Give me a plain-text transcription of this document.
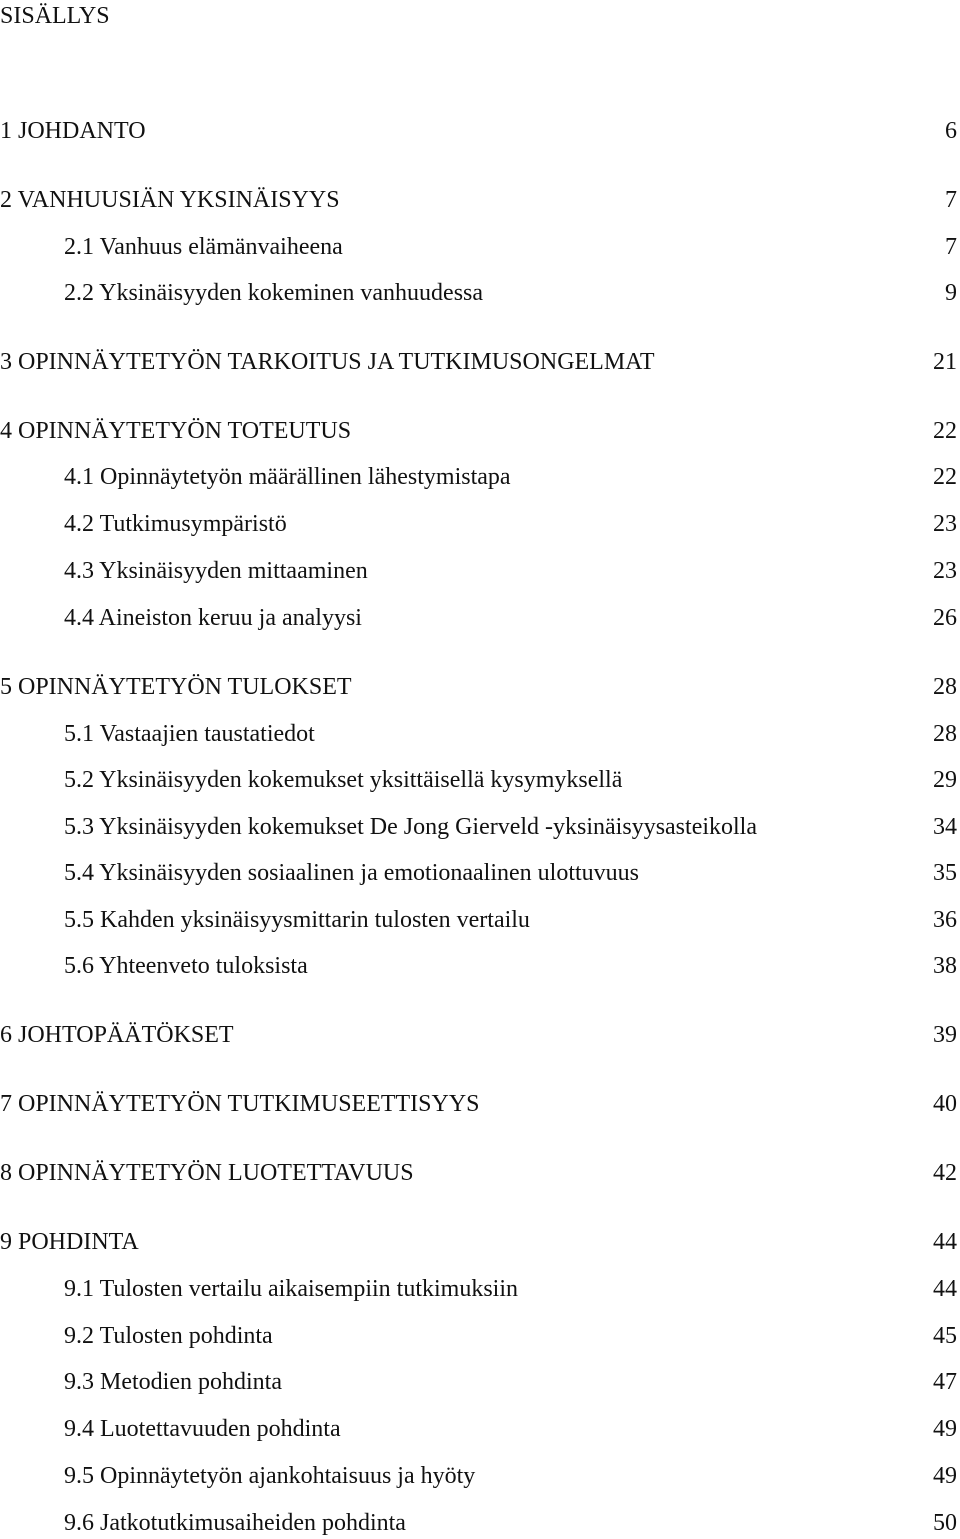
SISÄLLYS
1 JOHDANTO	6
2 VANHUUSIÄN YKSINÄISYYS	7
2.1 Vanhuus elämänvaiheena	7
2.2 Yksinäisyyden kokeminen vanhuudessa	9
3 OPINNÄYTETYÖN TARKOITUS JA TUTKIMUSONGELMAT	21
4 OPINNÄYTETYÖN TOTEUTUS	22
4.1 Opinnäytetyön määrällinen lähestymistapa	22
4.2 Tutkimusympäristö	23
4.3 Yksinäisyyden mittaaminen	23
4.4 Aineiston keruu ja analyysi	26
5 OPINNÄYTETYÖN TULOKSET	28
5.1 Vastaajien taustatiedot	28
5.2 Yksinäisyyden kokemukset yksittäisellä kysymyksellä	29
5.3 Yksinäisyyden kokemukset De Jong Gierveld -yksinäisyysasteikolla	34
5.4 Yksinäisyyden sosiaalinen ja emotionaalinen ulottuvuus	35
5.5 Kahden yksinäisyysmittarin tulosten vertailu	36
5.6 Yhteenveto tuloksista	38
6 JOHTOPÄÄTÖKSET	39
7 OPINNÄYTETYÖN TUTKIMUSEETTISYYS	40
8 OPINNÄYTETYÖN LUOTETTAVUUS	42
9 POHDINTA	44
9.1 Tulosten vertailu aikaisempiin tutkimuksiin	44
9.2 Tulosten pohdinta	45
9.3 Metodien pohdinta	47
9.4 Luotettavuuden pohdinta	49
9.5 Opinnäytetyön ajankohtaisuus ja hyöty	49
9.6 Jatkotutkimusaiheiden pohdinta	50
